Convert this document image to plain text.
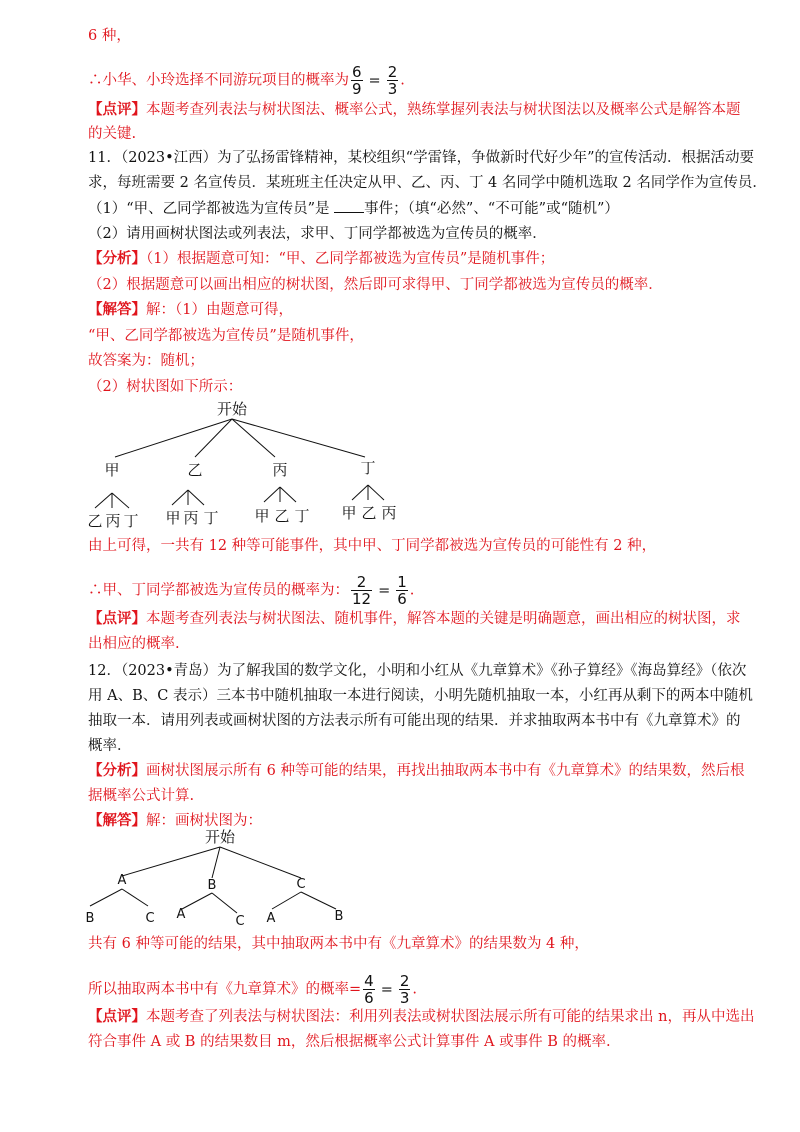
6 种，
∴小华、小玲选择不同游玩项目的概率为 $\frac{6}{9} = \frac{2}{3}$ .
【点评】本题考查列表法与树状图法、概率公式，熟练掌握列表法与树状图法以及概率公式是解答本题
的关键.
11．（2023•江西）为了弘扬雷锋精神，某校组织“学雷锋，争做新时代好少年”的宣传活动．根据活动要
求，每班需要 2 名宣传员．某班班主任决定从甲、乙、丙、丁 4 名同学中随机选取 2 名同学作为宣传员．
（1）“甲、乙同学都被选为宣传员”是 事件；（填“必然”、“不可能”或“随机”）
（2）请用画树状图法或列表法，求甲、丁同学都被选为宣传员的概率．
【分析】（1）根据题意可知：“甲、乙同学都被选为宣传员”是随机事件；
（2）根据题意可以画出相应的树状图，然后即可求得甲、丁同学都被选为宣传员的概率．
【解答】解：（1）由题意可得，
“甲、乙同学都被选为宣传员”是随机事件，
故答案为：随机；
（2）树状图如下所示：
开始
甲	乙	丙	丁
乙 丙 丁 甲 丙 丁 甲 乙 丁 甲 乙 丙
由上可得，一共有 12 种等可能事件，其中甲、丁同学都被选为宣传员的可能性有 2 种，
∴甲、丁同学都被选为宣传员的概率为： $\frac{2}{12} = \frac{1}{6}$ .
【点评】本题考查列表法与树状图法、随机事件，解答本题的关键是明确题意，画出相应的树状图，求
出相应的概率.
12．（2023•青岛）为了解我国的数学文化，小明和小红从《九章算术》《孙子算经》《海岛算经》（依次
用 A、B、C 表示）三本书中随机抽取一本进行阅读，小明先随机抽取一本，小红再从剩下的两本中随机
抽取一本．请用列表或画树状图的方法表示所有可能出现的结果．并求抽取两本书中有《九章算术》的
概率．
【分析】画树状图展示所有 6 种等可能的结果，再找出抽取两本书中有《九章算术》的结果数，然后根
据概率公式计算.
【解答】解：画树状图为：
开始
A	B	C
B	C A	C A	B
共有 6 种等可能的结果，其中抽取两本书中有《九章算术》的结果数为 4 种，
所以抽取两本书中有《九章算术》的概率= $\frac{4}{6} = \frac{2}{3}$ .
【点评】本题考查了列表法与树状图法：利用列表法或树状图法展示所有可能的结果求出 n，再从中选出
符合事件 A 或 B 的结果数目 m，然后根据概率公式计算事件 A 或事件 B 的概率.
